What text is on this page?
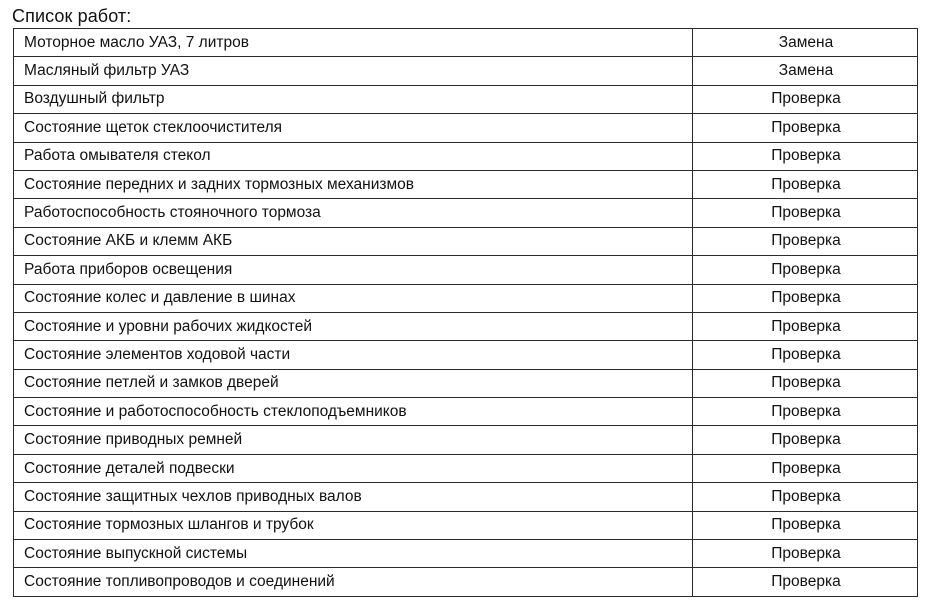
Список работ:
Моторное масло УАЗ, 7 литров	Замена
Масляный фильтр УАЗ	Замена
Воздушный фильтр	Проверка
Состояние щеток стеклоочистителя	Проверка
Работа омывателя стекол	Проверка
Состояние передних и задних тормозных механизмов	Проверка
Работоспособность стояночного тормоза	Проверка
Состояние АКБ и клемм АКБ	Проверка
Работа приборов освещения	Проверка
Состояние колес и давление в шинах	Проверка
Состояние и уровни рабочих жидкостей	Проверка
Состояние элементов ходовой части	Проверка
Состояние петлей и замков дверей	Проверка
Состояние и работоспособность стеклоподъемников	Проверка
Состояние приводных ремней	Проверка
Состояние деталей подвески	Проверка
Состояние защитных чехлов приводных валов	Проверка
Состояние тормозных шлангов и трубок	Проверка
Состояние выпускной системы	Проверка
Состояние топливопроводов и соединений	Проверка
